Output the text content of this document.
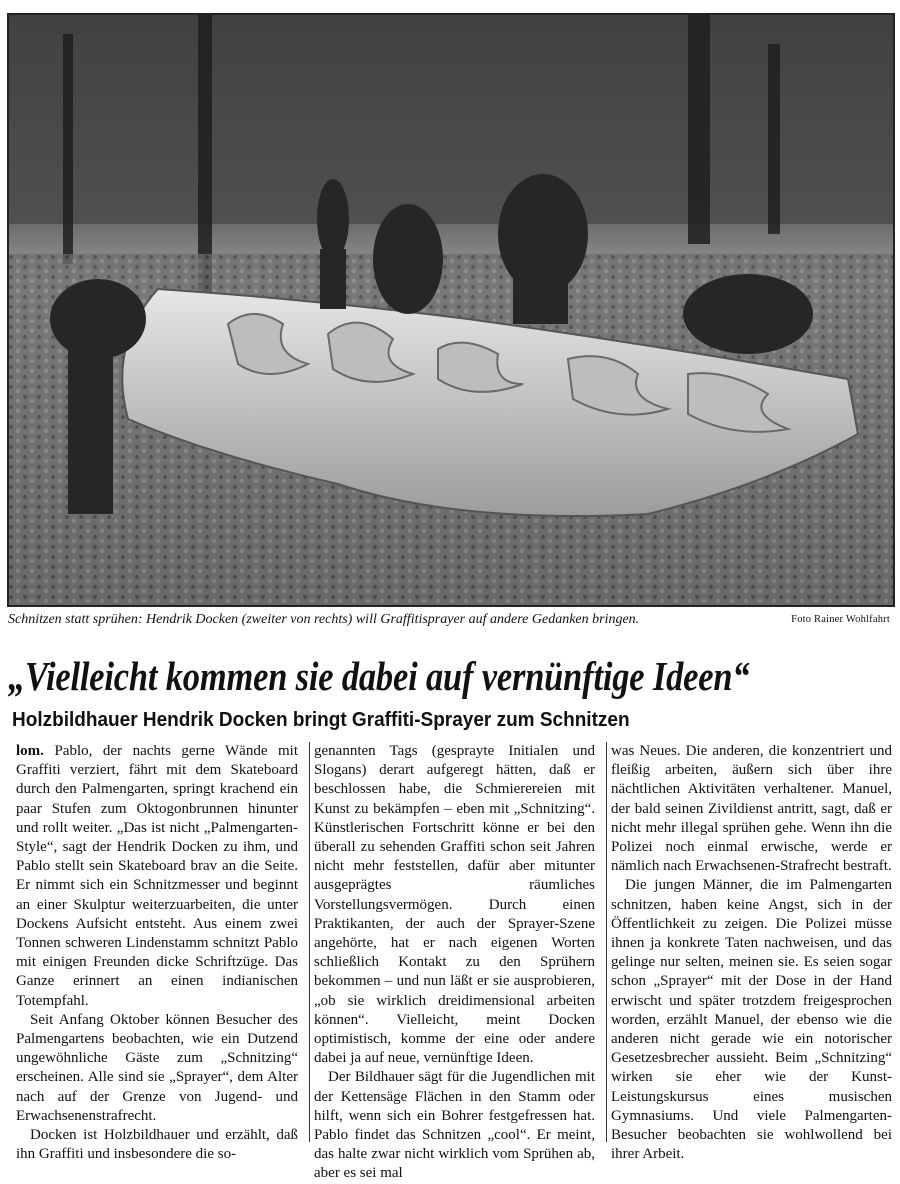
Schnitzen statt sprühen: Hendrik Docken (zweiter von rechts) will Graffitisprayer auf andere Gedanken bringen.	Foto Rainer Wohlfahrt
„Vielleicht kommen sie dabei auf vernünftige Ideen“
Holzbildhauer Hendrik Docken bringt Graffiti-Sprayer zum Schnitzen

lom. Pablo, der nachts gerne Wände mit Graffiti verziert, fährt mit dem Skateboard durch den Palmengarten, springt krachend ein paar Stufen zum Oktogonbrunnen hinunter und rollt weiter. „Das ist nicht „Palmengarten-Style“, sagt der Hendrik Docken zu ihm, und Pablo stellt sein Skateboard brav an die Seite. Er nimmt sich ein Schnitzmesser und beginnt an einer Skulptur weiterzuarbeiten, die unter Dockens Aufsicht entsteht. Aus einem zwei Tonnen schweren Lindenstamm schnitzt Pablo mit einigen Freunden dicke Schriftzüge. Das Ganze erinnert an einen indianischen Totempfahl.

Seit Anfang Oktober können Besucher des Palmengartens beobachten, wie ein Dutzend ungewöhnliche Gäste zum „Schnitzing“ erscheinen. Alle sind sie „Sprayer“, dem Alter nach auf der Grenze von Jugend- und Erwachsenenstrafrecht.

Docken ist Holzbildhauer und erzählt, daß ihn Graffiti und insbesondere die so-

genannten Tags (gesprayte Initialen und Slogans) derart aufgeregt hätten, daß er beschlossen habe, die Schmierereien mit Kunst zu bekämpfen – eben mit „Schnitzing“. Künstlerischen Fortschritt könne er bei den überall zu sehenden Graffiti schon seit Jahren nicht mehr feststellen, dafür aber mitunter ausgeprägtes räumliches Vorstellungsvermögen. Durch einen Praktikanten, der auch der Sprayer-Szene angehörte, hat er nach eigenen Worten schließlich Kontakt zu den Sprühern bekommen – und nun läßt er sie ausprobieren, „ob sie wirklich dreidimensional arbeiten können“. Vielleicht, meint Docken optimistisch, komme der eine oder andere dabei ja auf neue, vernünftige Ideen.

Der Bildhauer sägt für die Jugendlichen mit der Kettensäge Flächen in den Stamm oder hilft, wenn sich ein Bohrer festgefressen hat. Pablo findet das Schnitzen „cool“. Er meint, das halte zwar nicht wirklich vom Sprühen ab, aber es sei mal

was Neues. Die anderen, die konzentriert und fleißig arbeiten, äußern sich über ihre nächtlichen Aktivitäten verhaltener. Manuel, der bald seinen Zivildienst antritt, sagt, daß er nicht mehr illegal sprühen gehe. Wenn ihn die Polizei noch einmal erwische, werde er nämlich nach Erwachsenen-Strafrecht bestraft.

Die jungen Männer, die im Palmengarten schnitzen, haben keine Angst, sich in der Öffentlichkeit zu zeigen. Die Polizei müsse ihnen ja konkrete Taten nachweisen, und das gelinge nur selten, meinen sie. Es seien sogar schon „Sprayer“ mit der Dose in der Hand erwischt und später trotzdem freigesprochen worden, erzählt Manuel, der ebenso wie die anderen nicht gerade wie ein notorischer Gesetzesbrecher aussieht. Beim „Schnitzing“ wirken sie eher wie der Kunst-Leistungskursus eines musischen Gymnasiums. Und viele Palmengarten-Besucher beobachten sie wohlwollend bei ihrer Arbeit.
